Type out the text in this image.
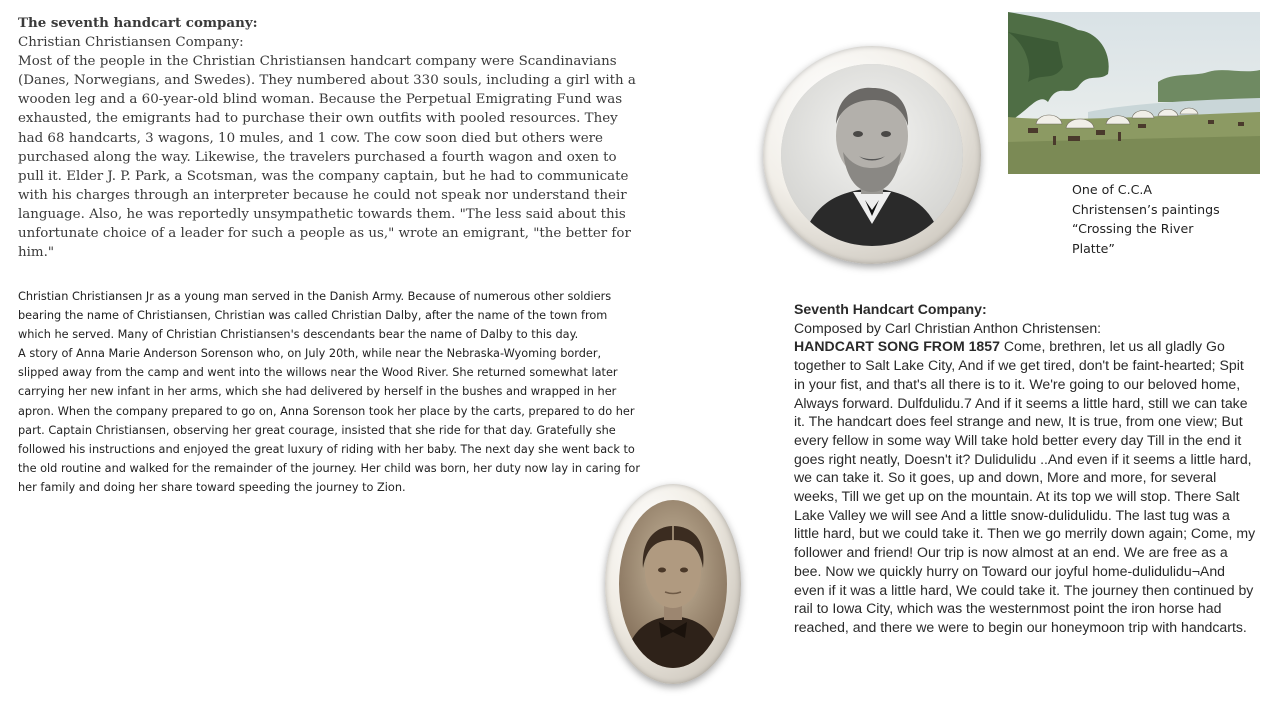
The seventh handcart company:

Christian Christiansen Company:

Most of the people in the Christian Christiansen handcart company were Scandinavians (Danes, Norwegians, and Swedes). They numbered about 330 souls, including a girl with a wooden leg and a 60-year-old blind woman. Because the Perpetual Emigrating Fund was exhausted, the emigrants had to purchase their own outfits with pooled resources. They had 68 handcarts, 3 wagons, 10 mules, and 1 cow. The cow soon died but others were purchased along the way. Likewise, the travelers purchased a fourth wagon and oxen to pull it. Elder J. P. Park, a Scotsman, was the company captain, but he had to communicate with his charges through an interpreter because he could not speak nor understand their language. Also, he was reportedly unsympathetic towards them. "The less said about this unfortunate choice of a leader for such a people as us," wrote an emigrant, "the better for him."

Christian Christiansen Jr as a young man served in the Danish Army. Because of numerous other soldiers bearing the name of Christiansen, Christian was called Christian Dalby, after the name of the town from which he served. Many of Christian Christiansen's descendants bear the name of Dalby to this day.

A story of Anna Marie Anderson Sorenson who, on July 20th, while near the Nebraska-Wyoming border, slipped away from the camp and went into the willows near the Wood River. She returned somewhat later carrying her new infant in her arms, which she had delivered by herself in the bushes and wrapped in her apron. When the company prepared to go on, Anna Sorenson took her place by the carts, prepared to do her part. Captain Christiansen, observing her great courage, insisted that she ride for that day. Gratefully she followed his instructions and enjoyed the great luxury of riding with her baby. The next day she went back to the old routine and walked for the remainder of the journey. Her child was born, her duty now lay in caring for her family and doing her share toward speeding the journey to Zion.

One of C.C.A
Christensen’s paintings
“Crossing the River
Platte”

Seventh Handcart Company:

Composed by Carl Christian Anthon Christensen:

HANDCART SONG FROM 1857 Come, brethren, let us all gladly Go together to Salt Lake City, And if we get tired, don't be faint-hearted; Spit in your fist, and that's all there is to it. We're going to our beloved home, Always forward. Dulfdulidu.7 And if it seems a little hard, still we can take it. The handcart does feel strange and new, It is true, from one view; But every fellow in some way Will take hold better every day Till in the end it goes right neatly, Doesn't it? Dulidulidu ..And even if it seems a little hard, we can take it. So it goes, up and down, More and more, for several weeks, Till we get up on the mountain. At its top we will stop. There Salt Lake Valley we will see And a little snow-dulidulidu. The last tug was a little hard, but we could take it. Then we go merrily down again; Come, my follower and friend! Our trip is now almost at an end. We are free as a bee. Now we quickly hurry on Toward our joyful home-dulidulidu¬And even if it was a little hard, We could take it. The journey then continued by rail to Iowa City, which was the westernmost point the iron horse had reached, and there we were to begin our honeymoon trip with handcarts.
